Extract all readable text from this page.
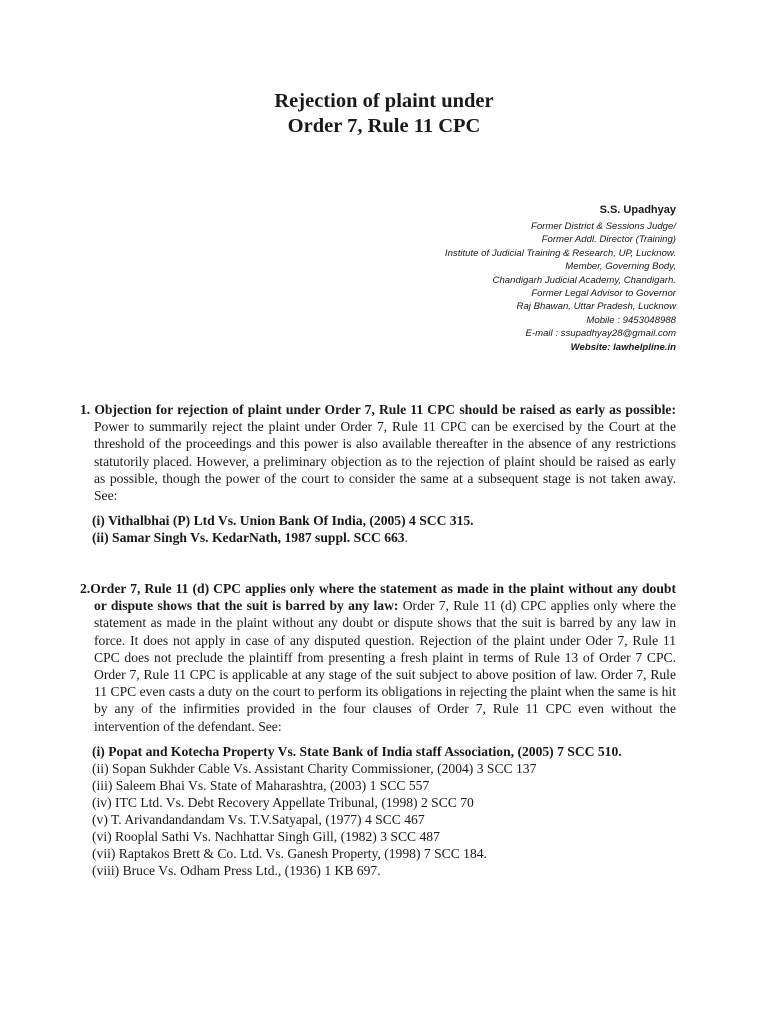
Rejection of plaint under
Order 7, Rule 11 CPC
S.S. Upadhyay
Former District & Sessions Judge/
Former Addl. Director (Training)
Institute of Judicial Training & Research, UP, Lucknow.
Member, Governing Body,
Chandigarh Judicial Academy, Chandigarh.
Former Legal Advisor to Governor
Raj Bhawan, Uttar Pradesh, Lucknow
Mobile : 9453048988
E-mail : ssupadhyay28@gmail.com
Website: lawhelpline.in
1. Objection for rejection of plaint under Order 7, Rule 11 CPC should be raised as early as possible: Power to summarily reject the plaint under Order 7, Rule 11 CPC can be exercised by the Court at the threshold of the proceedings and this power is also available thereafter in the absence of any restrictions statutorily placed. However, a preliminary objection as to the rejection of plaint should be raised as early as possible, though the power of the court to consider the same at a subsequent stage is not taken away. See:
(i) Vithalbhai (P) Ltd Vs. Union Bank Of India, (2005) 4 SCC 315.
(ii) Samar Singh Vs. KedarNath, 1987 suppl. SCC 663.
2.Order 7, Rule 11 (d) CPC applies only where the statement as made in the plaint without any doubt or dispute shows that the suit is barred by any law: Order 7, Rule 11 (d) CPC applies only where the statement as made in the plaint without any doubt or dispute shows that the suit is barred by any law in force. It does not apply in case of any disputed question. Rejection of the plaint under Oder 7, Rule 11 CPC does not preclude the plaintiff from presenting a fresh plaint in terms of Rule 13 of Order 7 CPC. Order 7, Rule 11 CPC is applicable at any stage of the suit subject to above position of law. Order 7, Rule 11 CPC even casts a duty on the court to perform its obligations in rejecting the plaint when the same is hit by any of the infirmities provided in the four clauses of Order 7, Rule 11 CPC even without the intervention of the defendant. See:
(i) Popat and Kotecha Property Vs. State Bank of India staff Association, (2005) 7 SCC 510.
(ii) Sopan Sukhder Cable Vs. Assistant Charity Commissioner, (2004) 3 SCC 137
(iii) Saleem Bhai Vs. State of Maharashtra, (2003) 1 SCC 557
(iv) ITC Ltd. Vs. Debt Recovery Appellate Tribunal, (1998) 2 SCC 70
(v) T. Arivandandandam Vs. T.V.Satyapal, (1977) 4 SCC 467
(vi) Rooplal Sathi Vs. Nachhattar Singh Gill, (1982) 3 SCC 487
(vii) Raptakos Brett & Co. Ltd. Vs. Ganesh Property, (1998) 7 SCC 184.
(viii) Bruce Vs. Odham Press Ltd., (1936) 1 KB 697.
